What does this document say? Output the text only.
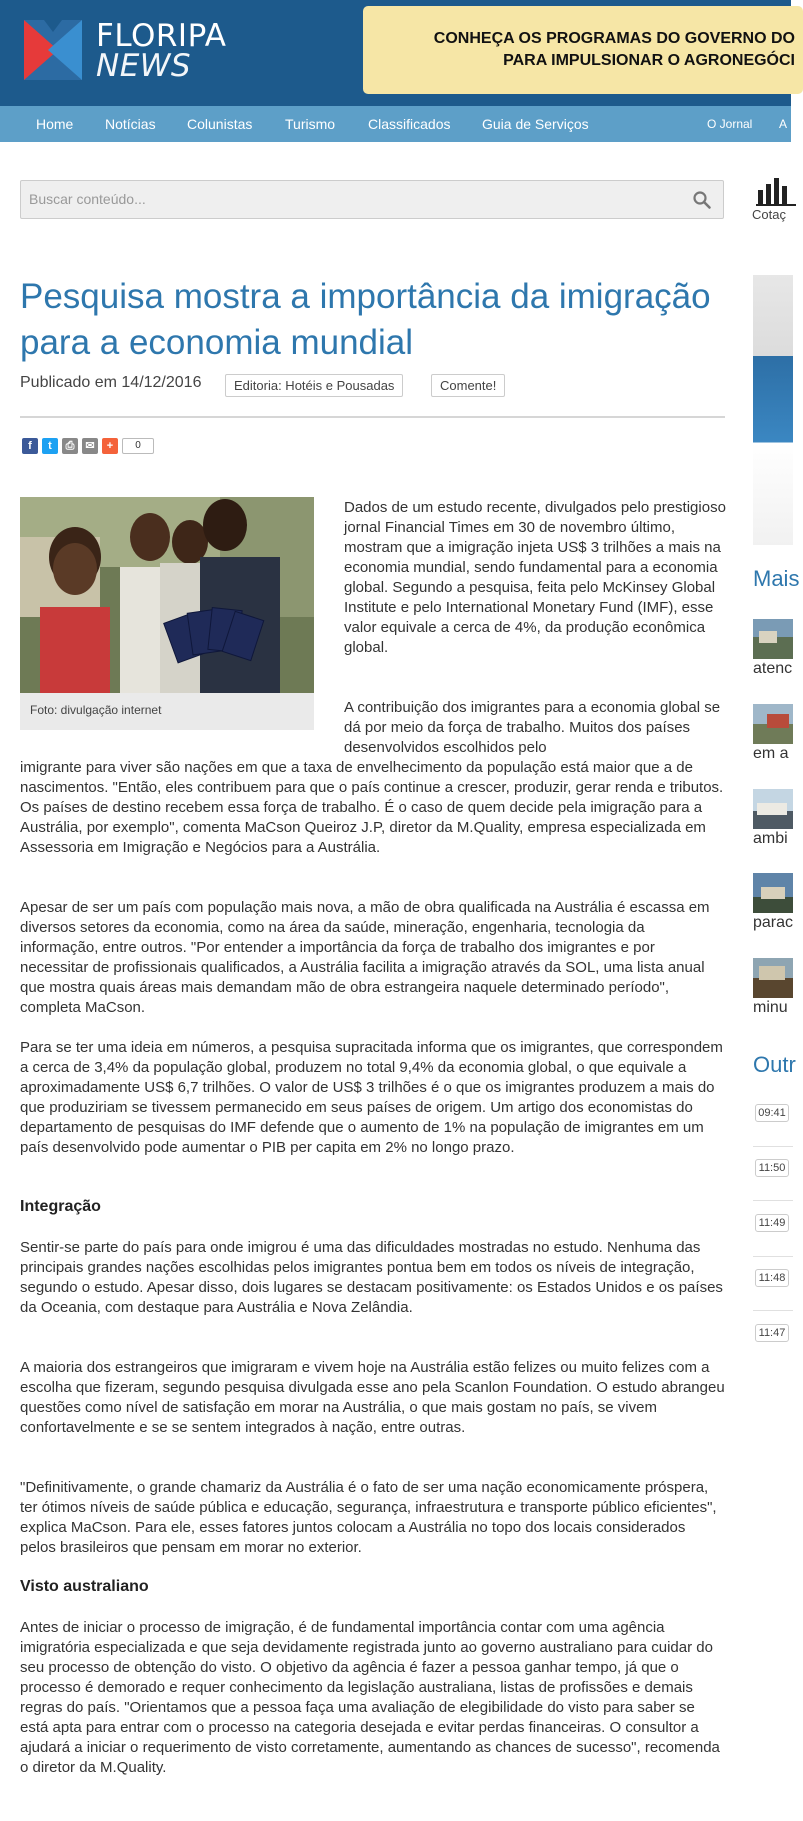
FLORIPA
NEWS
CONHEÇA OS PROGRAMAS DO GOVERNO DO
PARA IMPULSIONAR O AGRONEGÓCI
Home Notícias Colunistas Turismo Classificados Guia de Serviços	O Jornal A
Buscar conteúdo...
Cotaç
Pesquisa mostra a importância da imigração para a economia mundial
Publicado em 14/12/2016	Editoria: Hotéis e Pousadas	Comente!
f	t	⎙ ✉	+	0
Foto: divulgação internet

Dados de um estudo recente, divulgados pelo prestigioso jornal Financial Times em 30 de novembro último, mostram que a imigração injeta US$ 3 trilhões a mais na economia mundial, sendo fundamental para a economia global. Segundo a pesquisa, feita pelo McKinsey Global Institute e pelo International Monetary Fund (IMF), esse valor equivale a cerca de 4%, da produção econômica global.

A contribuição dos imigrantes para a economia global se dá por meio da força de trabalho. Muitos dos países desenvolvidos escolhidos pelo

imigrante para viver são nações em que a taxa de envelhecimento da população está maior que a de nascimentos. "Então, eles contribuem para que o país continue a crescer, produzir, gerar renda e tributos. Os países de destino recebem essa força de trabalho. É o caso de quem decide pela imigração para a Austrália, por exemplo", comenta MaCson Queiroz J.P, diretor da M.Quality, empresa especializada em Assessoria em Imigração e Negócios para a Austrália.

Apesar de ser um país com população mais nova, a mão de obra qualificada na Austrália é escassa em diversos setores da economia, como na área da saúde, mineração, engenharia, tecnologia da informação, entre outros. "Por entender a importância da força de trabalho dos imigrantes e por necessitar de profissionais qualificados, a Austrália facilita a imigração através da SOL, uma lista anual que mostra quais áreas mais demandam mão de obra estrangeira naquele determinado período", completa MaCson.

Para se ter uma ideia em números, a pesquisa supracitada informa que os imigrantes, que correspondem a cerca de 3,4% da população global, produzem no total 9,4% da economia global, o que equivale a aproximadamente US$ 6,7 trilhões. O valor de US$ 3 trilhões é o que os imigrantes produzem a mais do que produziriam se tivessem permanecido em seus países de origem. Um artigo dos economistas do departamento de pesquisas do IMF defende que o aumento de 1% na população de imigrantes em um país desenvolvido pode aumentar o PIB per capita em 2% no longo prazo.

Integração

Sentir-se parte do país para onde imigrou é uma das dificuldades mostradas no estudo. Nenhuma das principais grandes nações escolhidas pelos imigrantes pontua bem em todos os níveis de integração, segundo o estudo. Apesar disso, dois lugares se destacam positivamente: os Estados Unidos e os países da Oceania, com destaque para Austrália e Nova Zelândia.

A maioria dos estrangeiros que imigraram e vivem hoje na Austrália estão felizes ou muito felizes com a escolha que fizeram, segundo pesquisa divulgada esse ano pela Scanlon Foundation. O estudo abrangeu questões como nível de satisfação em morar na Austrália, o que mais gostam no país, se vivem confortavelmente e se se sentem integrados à nação, entre outras.

"Definitivamente, o grande chamariz da Austrália é o fato de ser uma nação economicamente próspera, ter ótimos níveis de saúde pública e educação, segurança, infraestrutura e transporte público eficientes", explica MaCson. Para ele, esses fatores juntos colocam a Austrália no topo dos locais considerados pelos brasileiros que pensam em morar no exterior.

Visto australiano

Antes de iniciar o processo de imigração, é de fundamental importância contar com uma agência imigratória especializada e que seja devidamente registrada junto ao governo australiano para cuidar do seu processo de obtenção do visto. O objetivo da agência é fazer a pessoa ganhar tempo, já que o processo é demorado e requer conhecimento da legislação australiana, listas de profissões e demais regras do país. "Orientamos que a pessoa faça uma avaliação de elegibilidade do visto para saber se está apta para entrar com o processo na categoria desejada e evitar perdas financeiras. O consultor a ajudará a iniciar o requerimento de visto corretamente, aumentando as chances de sucesso", recomenda o diretor da M.Quality.

Mais
atenc
em a
ambi
parac
minu
Outr
09:41
11:50
11:49
11:48
11:47
